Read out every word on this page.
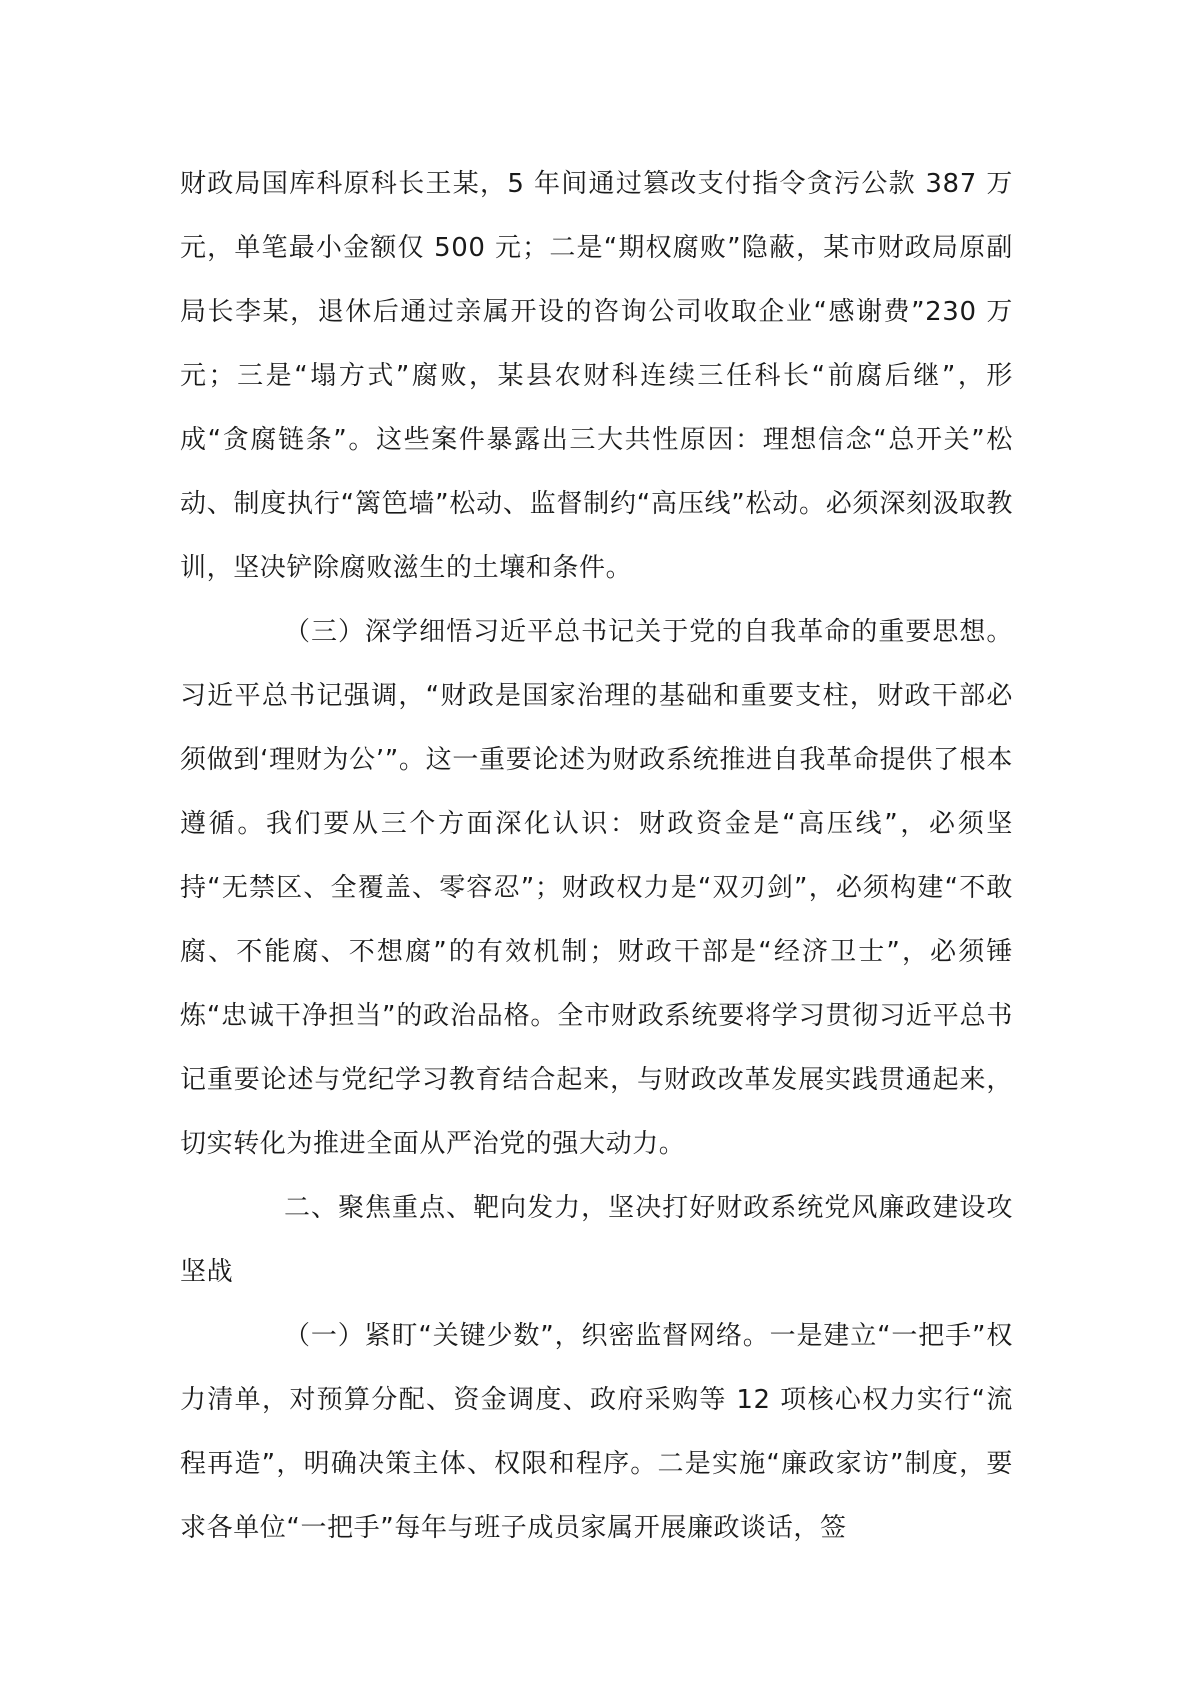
财政局国库科原科长王某，5 年间通过篡改支付指令贪污公款 387 万元，单笔最小金额仅 500 元；二是“期权腐败”隐蔽，某市财政局原副局长李某，退休后通过亲属开设的咨询公司收取企业“感谢费”230 万元；三是“塌方式”腐败，某县农财科连续三任科长“前腐后继”，形成“贪腐链条”。这些案件暴露出三大共性原因：理想信念“总开关”松动、制度执行“篱笆墙”松动、监督制约“高压线”松动。必须深刻汲取教训，坚决铲除腐败滋生的土壤和条件。

（三）深学细悟习近平总书记关于党的自我革命的重要思想。习近平总书记强调，“财政是国家治理的基础和重要支柱，财政干部必须做到‘理财为公’”。这一重要论述为财政系统推进自我革命提供了根本遵循。我们要从三个方面深化认识：财政资金是“高压线”，必须坚持“无禁区、全覆盖、零容忍”；财政权力是“双刃剑”，必须构建“不敢腐、不能腐、不想腐”的有效机制；财政干部是“经济卫士”，必须锤炼“忠诚干净担当”的政治品格。全市财政系统要将学习贯彻习近平总书记重要论述与党纪学习教育结合起来，与财政改革发展实践贯通起来，切实转化为推进全面从严治党的强大动力。

二、聚焦重点、靶向发力，坚决打好财政系统党风廉政建设攻坚战

（一）紧盯“关键少数”，织密监督网络。一是建立“一把手”权力清单，对预算分配、资金调度、政府采购等 12 项核心权力实行“流程再造”，明确决策主体、权限和程序。二是实施“廉政家访”制度，要求各单位“一把手”每年与班子成员家属开展廉政谈话，签
